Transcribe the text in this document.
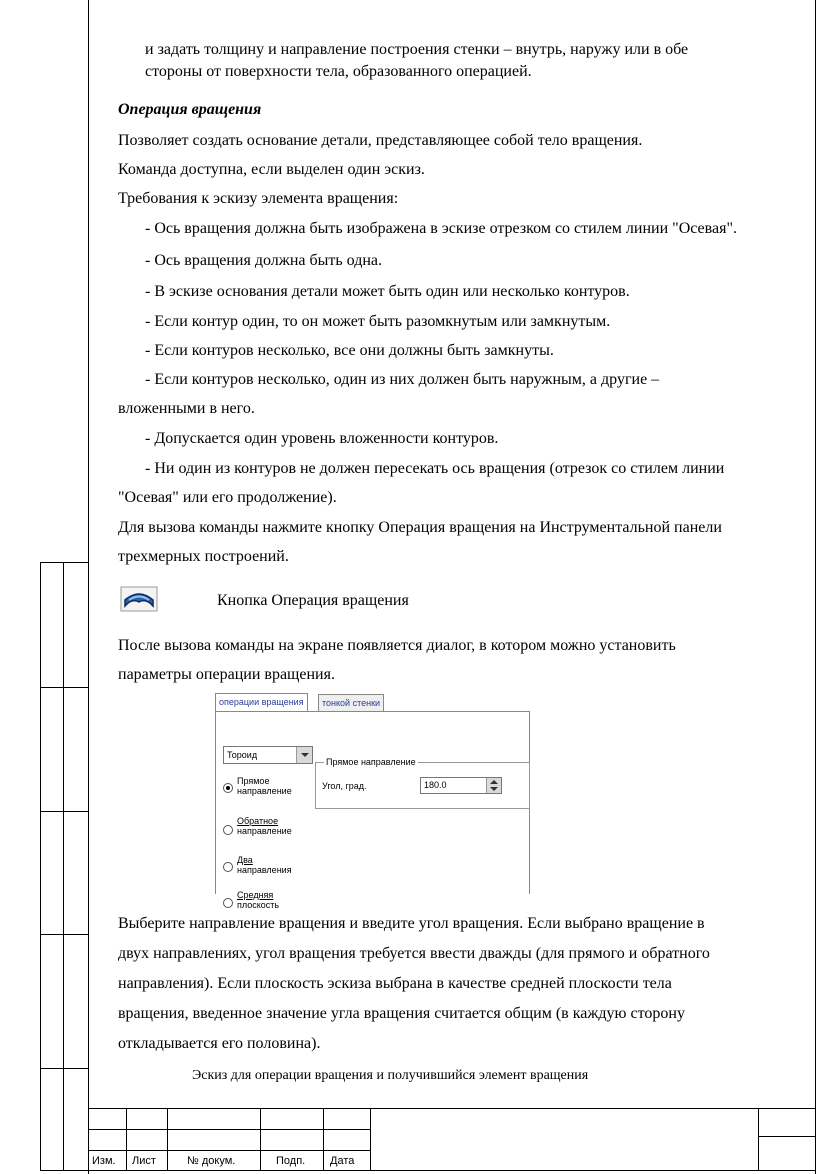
Изм. Лист	№ докум.	Подп. Дата
и задать толщину и направление построения стенки – внутрь, наружу или в обе
стороны от поверхности тела, образованного операцией.
Операция вращения
Позволяет создать основание детали, представляющее собой тело вращения.
Команда доступна, если выделен один эскиз.
Требования к эскизу элемента вращения:
- Ось вращения должна быть изображена в эскизе отрезком со стилем линии "Осевая".
- Ось вращения должна быть одна.
- В эскизе основания детали может быть один или несколько контуров.
- Если контур один, то он может быть разомкнутым или замкнутым.
- Если контуров несколько, все они должны быть замкнуты.
- Если контуров несколько, один из них должен быть наружным, а другие –
вложенными в него.
- Допускается один уровень вложенности контуров.
- Ни один из контуров не должен пересекать ось вращения (отрезок со стилем линии
"Осевая" или его продолжение).
Для вызова команды нажмите кнопку Операция вращения на Инструментальной панели
трехмерных построений.
Кнопка Операция вращения
После вызова команды на экране появляется диалог, в котором можно установить
параметры операции вращения.
операции вращения	тонкой стенки
Тороид
Прямое
направление
Обратное
направление
Два
направления
Средняя
плоскость
Прямое направление
Угол, град.	180.0
Выберите направление вращения и введите угол вращения. Если выбрано вращение в
двух направлениях, угол вращения требуется ввести дважды (для прямого и обратного
направления). Если плоскость эскиза выбрана в качестве средней плоскости тела
вращения, введенное значение угла вращения считается общим (в каждую сторону
откладывается его половина).
Эскиз для операции вращения и получившийся элемент вращения
